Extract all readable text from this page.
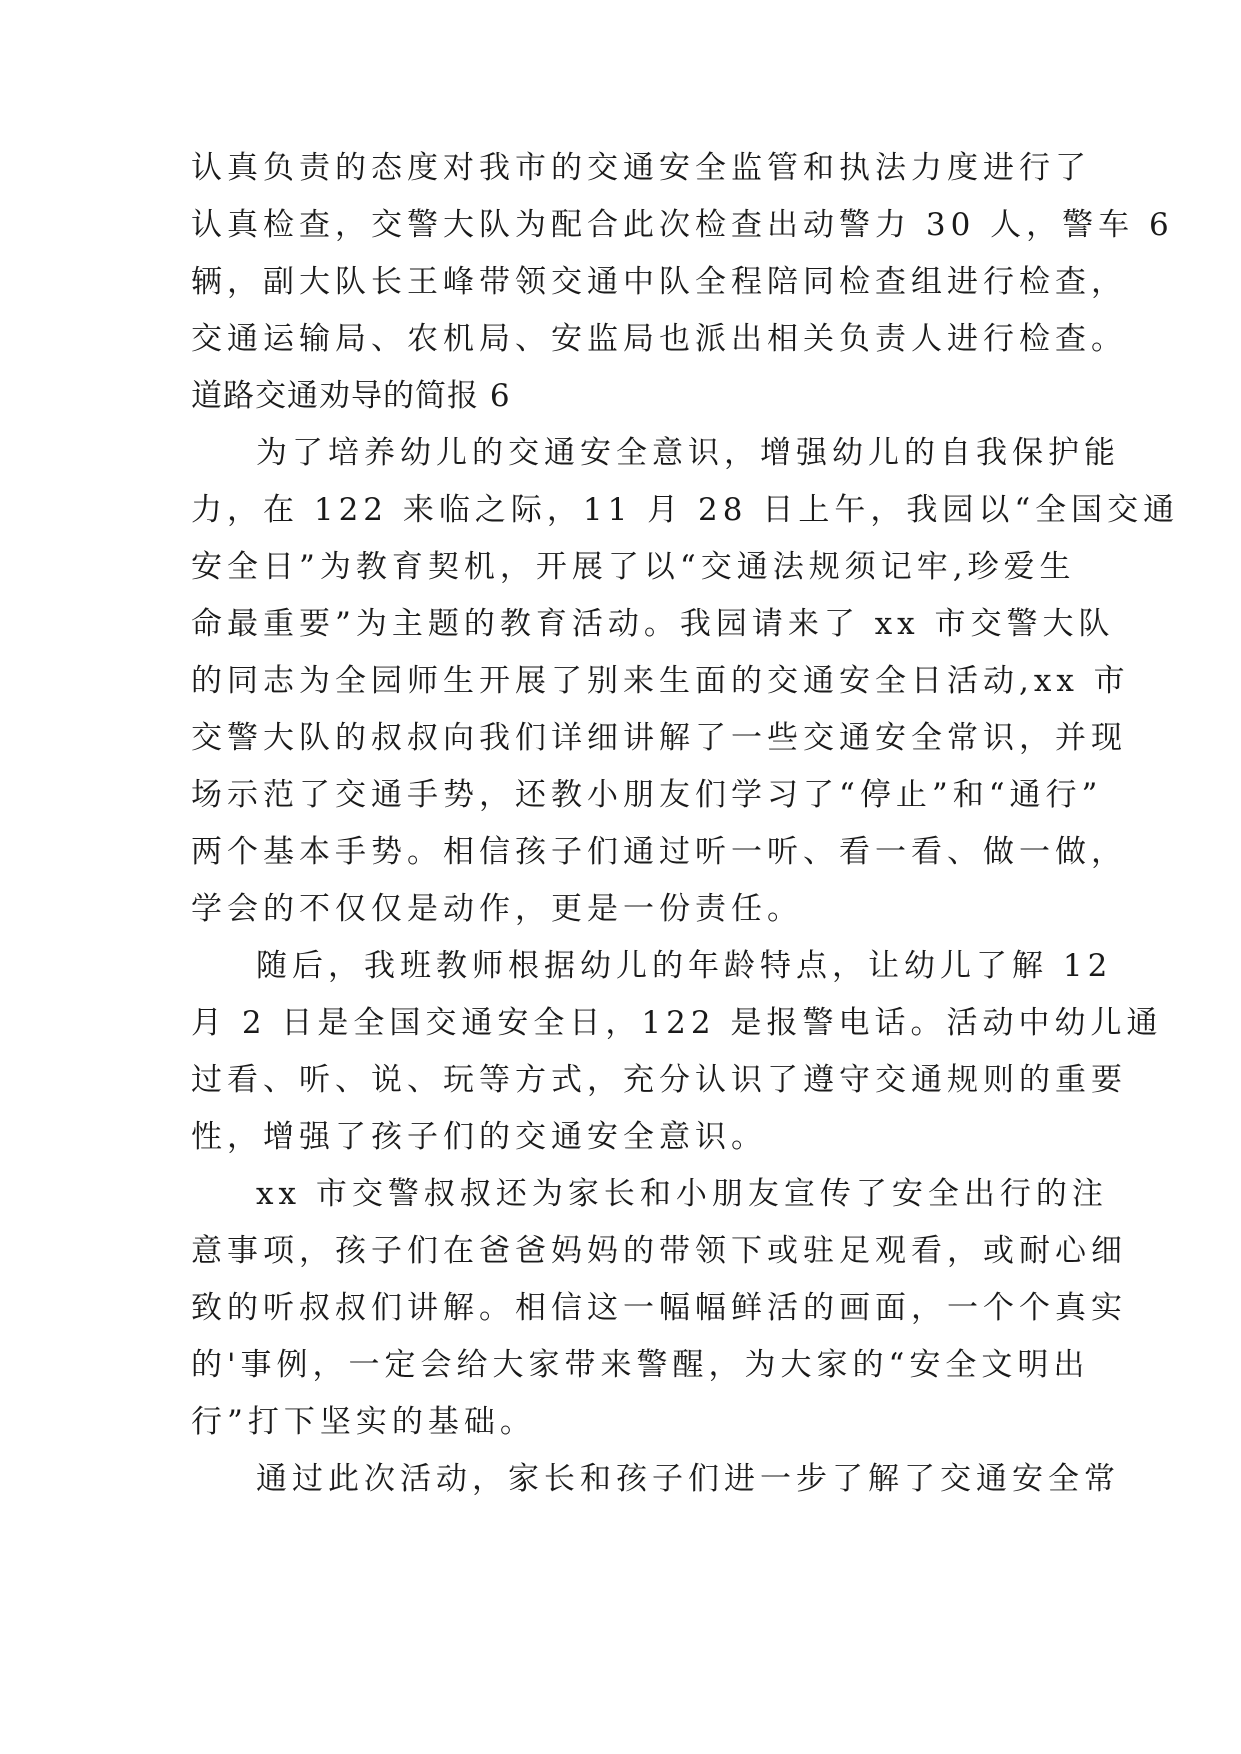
认真负责的态度对我市的交通安全监管和执法力度进行了

认真检查，交警大队为配合此次检查出动警力 30 人，警车 6

辆，副大队长王峰带领交通中队全程陪同检查组进行检查，

交通运输局、农机局、安监局也派出相关负责人进行检查。

道路交通劝导的简报 6

为了培养幼儿的交通安全意识，增强幼儿的自我保护能

力，在 122 来临之际，11 月 28 日上午，我园以“全国交通

安全日”为教育契机，开展了以“交通法规须记牢,珍爱生

命最重要”为主题的教育活动。我园请来了 xx 市交警大队

的同志为全园师生开展了别来生面的交通安全日活动,xx 市

交警大队的叔叔向我们详细讲解了一些交通安全常识，并现

场示范了交通手势，还教小朋友们学习了“停止”和“通行”

两个基本手势。相信孩子们通过听一听、看一看、做一做，

学会的不仅仅是动作，更是一份责任。

随后，我班教师根据幼儿的年龄特点，让幼儿了解 12

月 2 日是全国交通安全日，122 是报警电话。活动中幼儿通

过看、听、说、玩等方式，充分认识了遵守交通规则的重要

性，增强了孩子们的交通安全意识。

xx 市交警叔叔还为家长和小朋友宣传了安全出行的注

意事项，孩子们在爸爸妈妈的带领下或驻足观看，或耐心细

致的听叔叔们讲解。相信这一幅幅鲜活的画面，一个个真实

的'事例，一定会给大家带来警醒，为大家的“安全文明出

行”打下坚实的基础。

通过此次活动，家长和孩子们进一步了解了交通安全常
